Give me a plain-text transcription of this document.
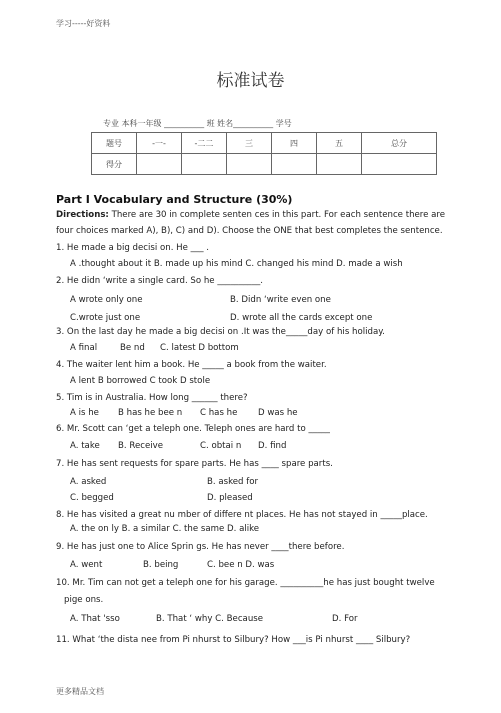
学习-----好资料
标准试卷
专业 本科一年级 __________ 班 姓名__________ 学号
题号	-一-	-二二	三	四	五	总分
得分						
Part I Vocabulary and Structure (30%)
Directions: There are 30 in complete senten ces in this part. For each sentence there are
four choices marked A), B), C) and D). Choose the ONE that best completes the sentence.
1. He made a big decisi on. He ___ .
A .thought about it B. made up his mind C. changed his mind D. made a wish
2. He didn ‘write a single card. So he __________.
A wrote only one	B. Didn ‘write even one
C.wrote just one	D. wrote all the cards except one
3. On the last day he made a big decisi on .It was the_____day of his holiday.
A final	Be nd C. latest D bottom
4. The waiter lent him a book. He _____ a book from the waiter.
A lent B borrowed C took D stole
5. Tim is in Australia. How long ______ there?
A is he B has he bee n C has he D was he
6. Mr. Scott can ‘get a teleph one. Teleph ones are hard to _____
A. take B. Receive	C. obtai n D. find
7. He has sent requests for spare parts. He has ____ spare parts.
A. asked	B. asked for
C. begged	D. pleased
8. He has visited a great nu mber of differe nt places. He has not stayed in _____place.
A. the on ly B. a similar C. the same D. alike
9. He has just one to Alice Sprin gs. He has never ____there before.
A. went	B. being	C. bee n D. was
10. Mr. Tim can not get a teleph one for his garage. __________he has just bought twelve
pige ons.
A. That 'sso	B. That ‘ why C. Because	D. For
11. What ‘the dista nee from Pi nhurst to Silbury? How ___is Pi nhurst ____ Silbury?
更多精品文档
